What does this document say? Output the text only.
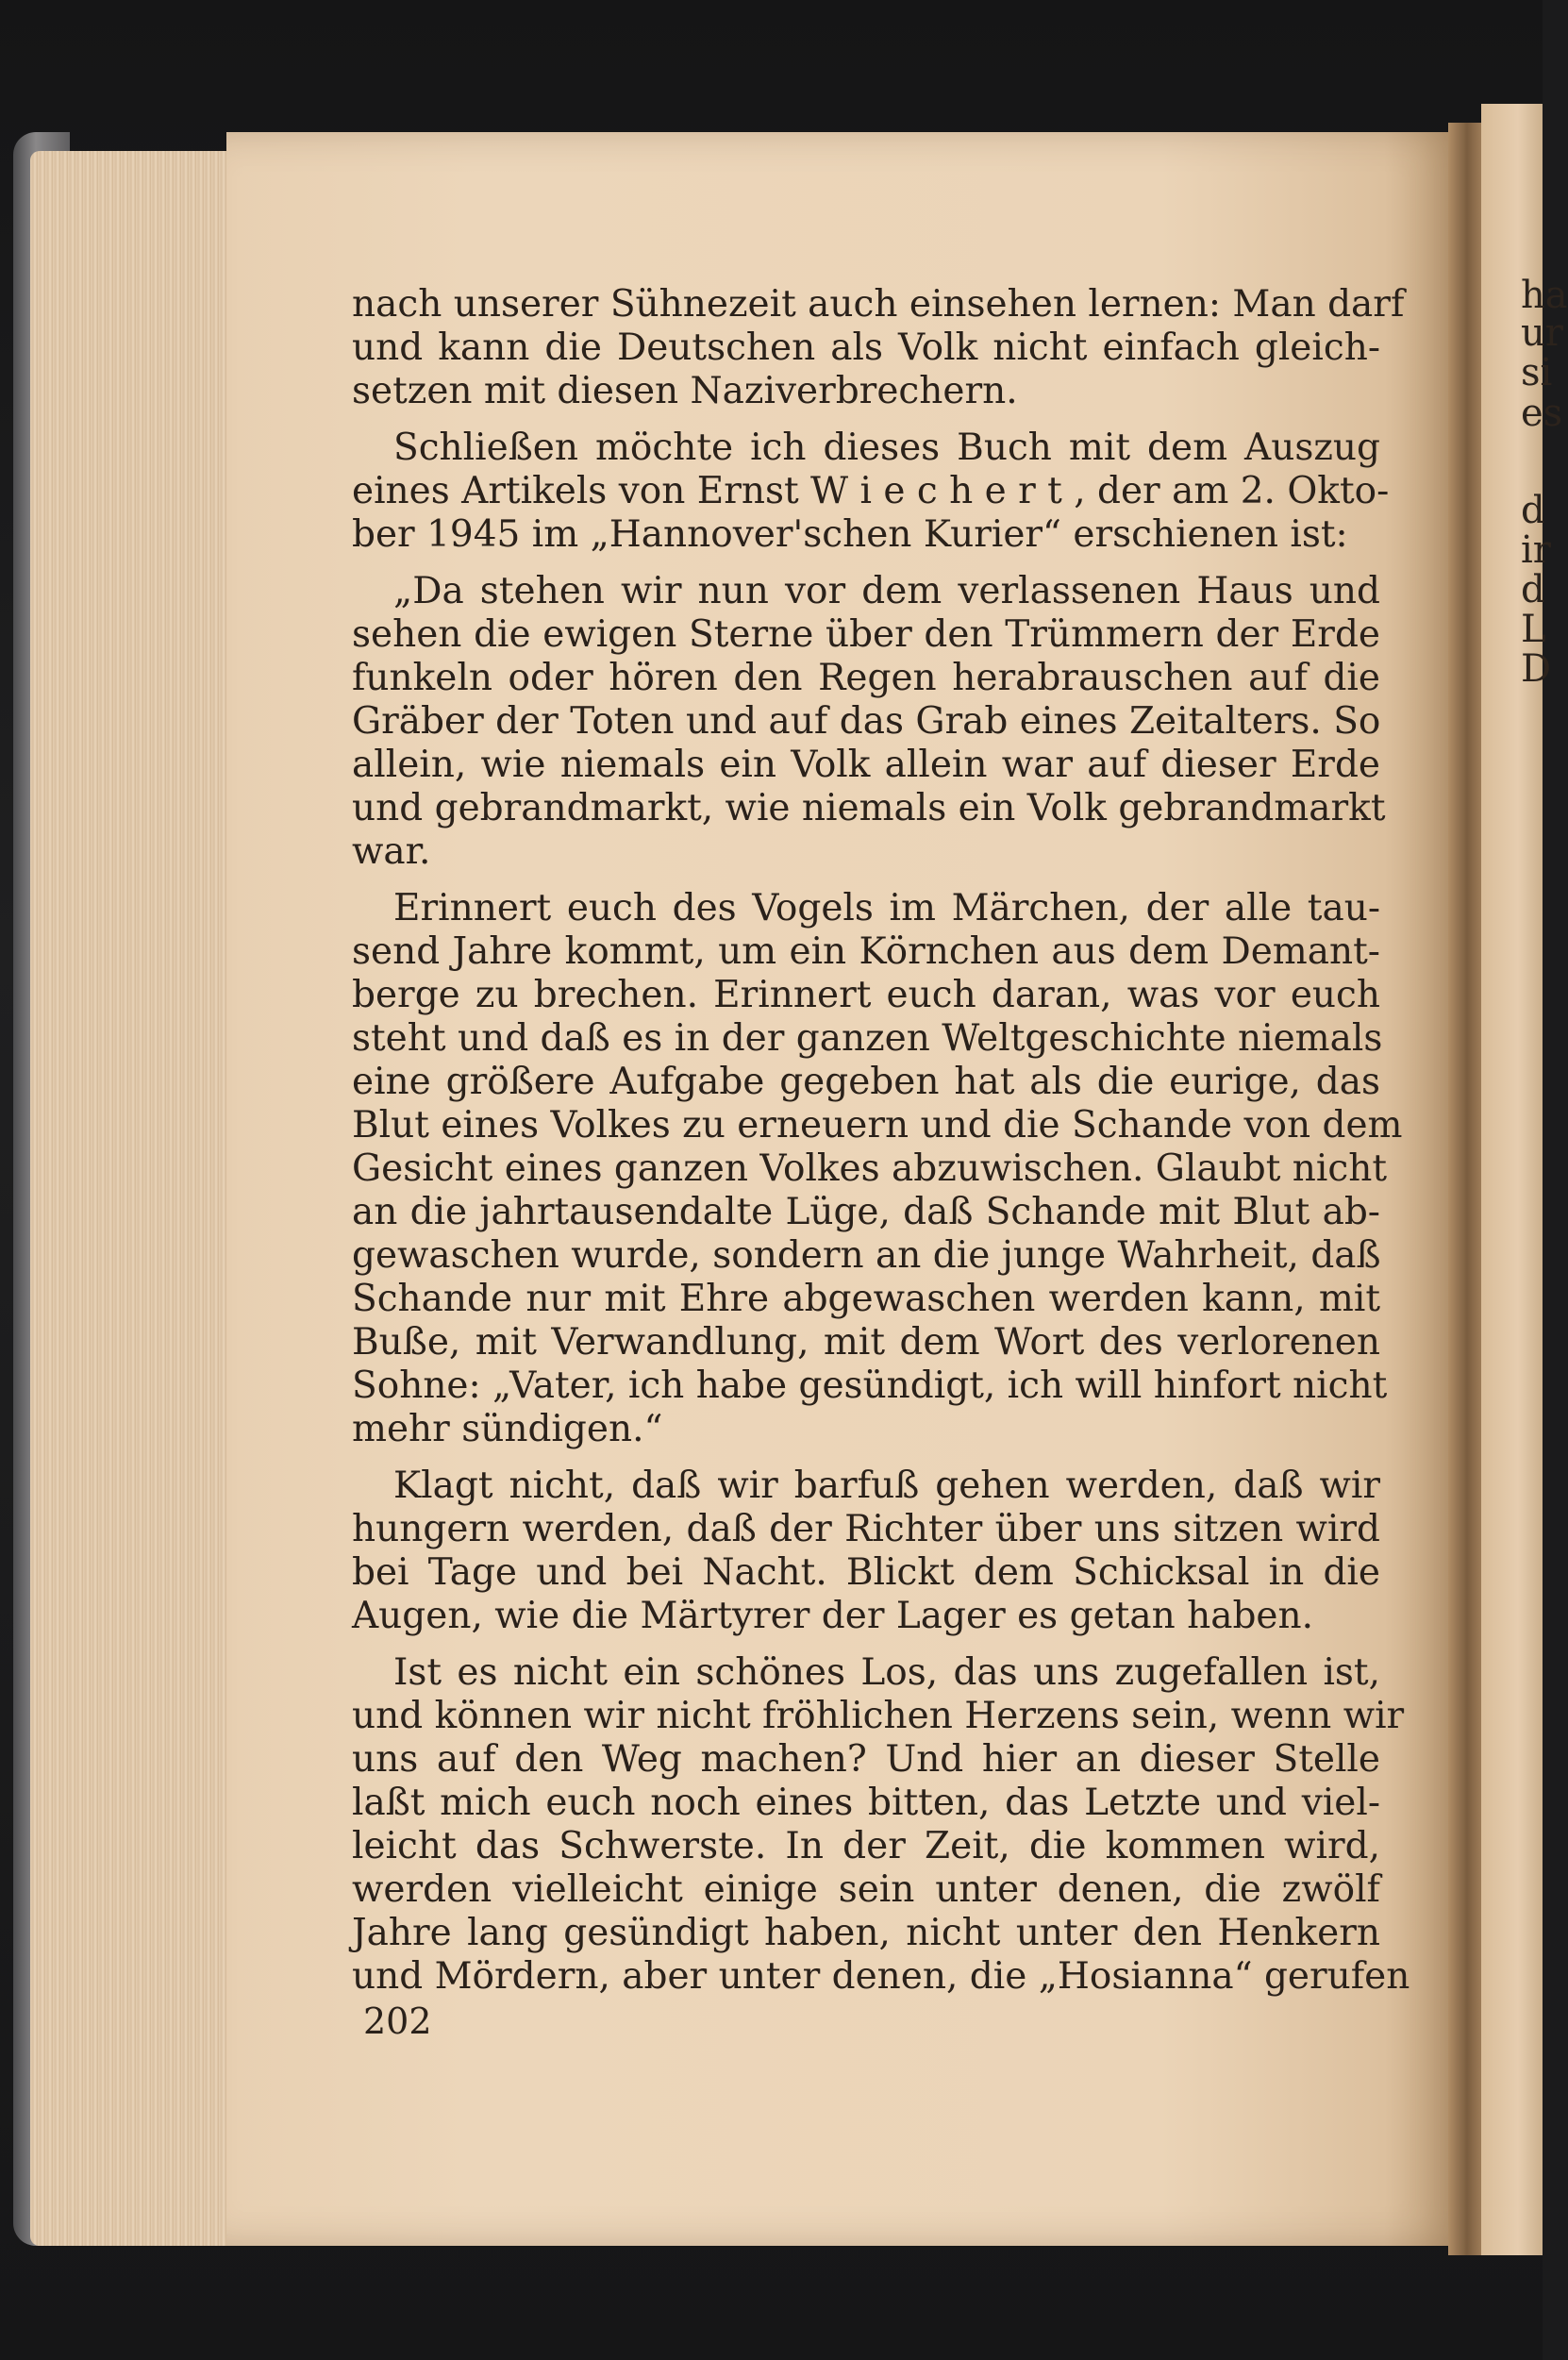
ha
ur
si
es
d
ir
d
L
D

nach unserer Sühnezeit auch einsehen lernen: Man darf
und kann die Deutschen als Volk nicht einfach gleich-
setzen mit diesen Naziverbrechern.

Schließen möchte ich dieses Buch mit dem Auszug
eines Artikels von Ernst W i e c h e r t , der am 2. Okto-
ber 1945 im „Hannover'schen Kurier“ erschienen ist:

„Da stehen wir nun vor dem verlassenen Haus und
sehen die ewigen Sterne über den Trümmern der Erde
funkeln oder hören den Regen herabrauschen auf die
Gräber der Toten und auf das Grab eines Zeitalters. So
allein, wie niemals ein Volk allein war auf dieser Erde
und gebrandmarkt, wie niemals ein Volk gebrandmarkt
war.

Erinnert euch des Vogels im Märchen, der alle tau-
send Jahre kommt, um ein Körnchen aus dem Demant-
berge zu brechen. Erinnert euch daran, was vor euch
steht und daß es in der ganzen Weltgeschichte niemals
eine größere Aufgabe gegeben hat als die eurige, das
Blut eines Volkes zu erneuern und die Schande von dem
Gesicht eines ganzen Volkes abzuwischen. Glaubt nicht
an die jahrtausendalte Lüge, daß Schande mit Blut ab-
gewaschen wurde, sondern an die junge Wahrheit, daß
Schande nur mit Ehre abgewaschen werden kann, mit
Buße, mit Verwandlung, mit dem Wort des verlorenen
Sohne: „Vater, ich habe gesündigt, ich will hinfort nicht
mehr sündigen.“

Klagt nicht, daß wir barfuß gehen werden, daß wir
hungern werden, daß der Richter über uns sitzen wird
bei Tage und bei Nacht. Blickt dem Schicksal in die
Augen, wie die Märtyrer der Lager es getan haben.

Ist es nicht ein schönes Los, das uns zugefallen ist,
und können wir nicht fröhlichen Herzens sein, wenn wir
uns auf den Weg machen? Und hier an dieser Stelle
laßt mich euch noch eines bitten, das Letzte und viel-
leicht das Schwerste. In der Zeit, die kommen wird,
werden vielleicht einige sein unter denen, die zwölf
Jahre lang gesündigt haben, nicht unter den Henkern
und Mördern, aber unter denen, die „Hosianna“ gerufen

202
